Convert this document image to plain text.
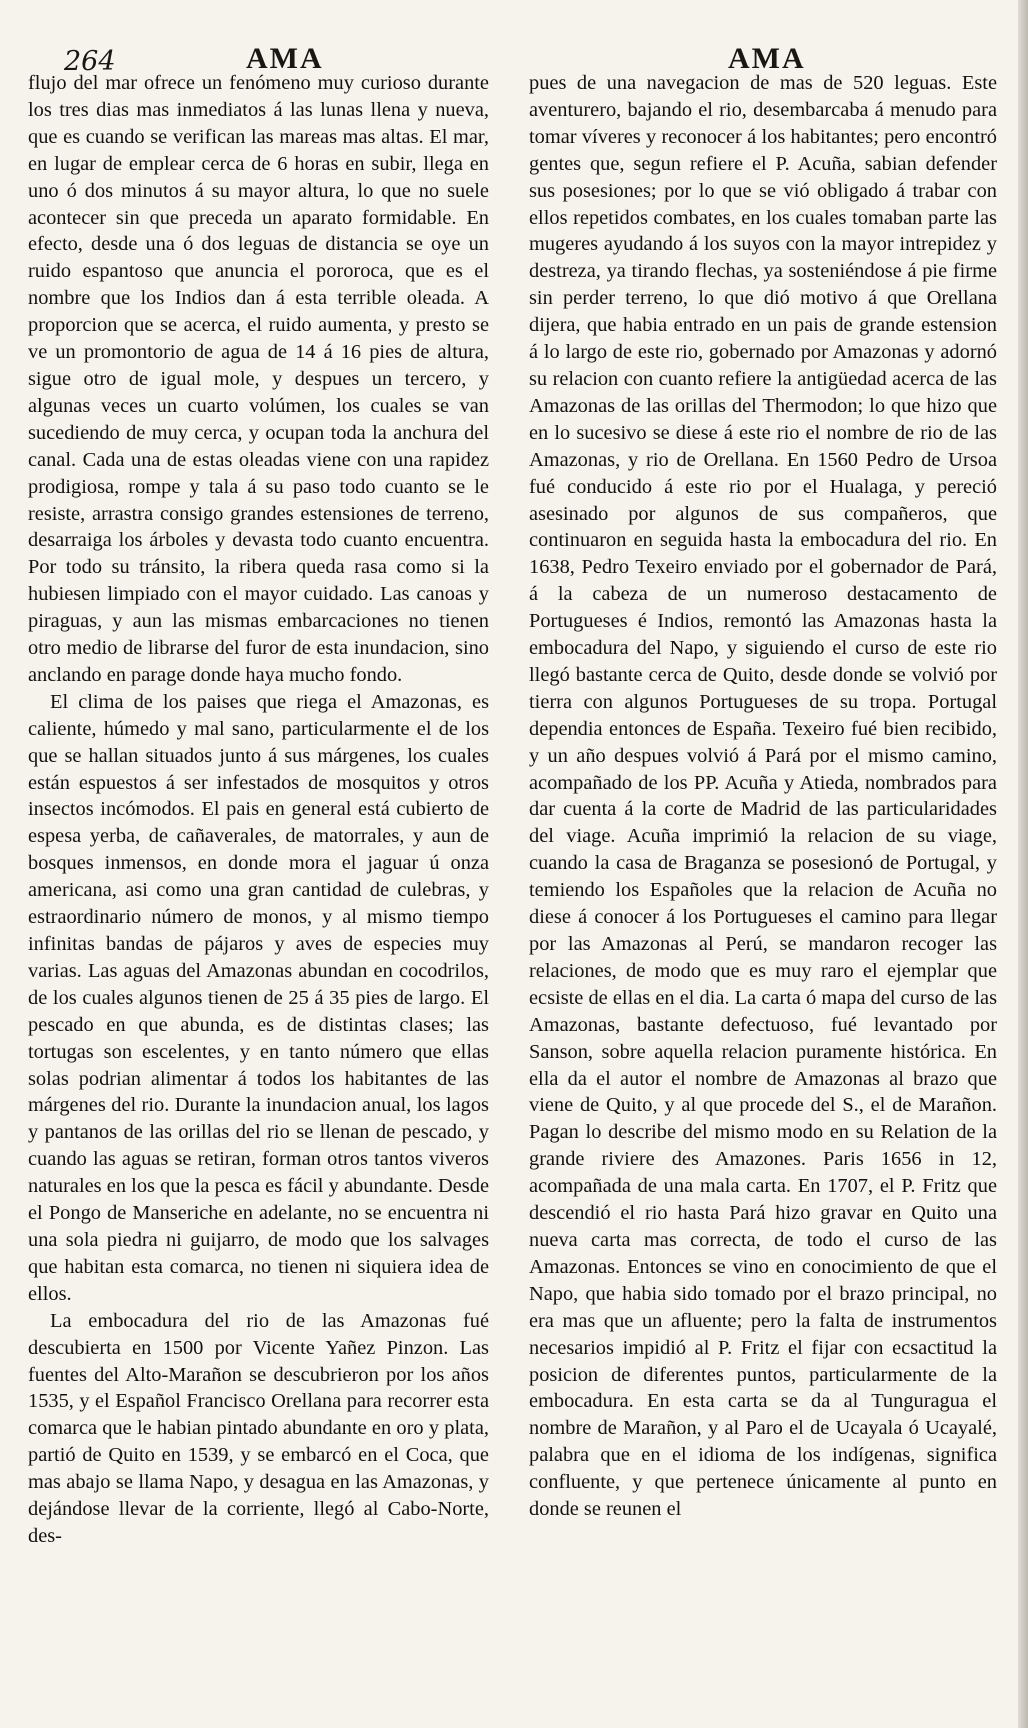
264	AMA	AMA

flujo del mar ofrece un fenómeno muy curioso durante los tres dias mas inmediatos á las lunas llena y nueva, que es cuando se verifican las mareas mas altas. El mar, en lugar de emplear cerca de 6 horas en subir, llega en uno ó dos minutos á su mayor altura, lo que no suele acontecer sin que preceda un aparato formidable. En efecto, desde una ó dos leguas de distancia se oye un ruido espantoso que anuncia el pororoca, que es el nombre que los Indios dan á esta terrible oleada. A proporcion que se acerca, el ruido aumenta, y presto se ve un promontorio de agua de 14 á 16 pies de altura, sigue otro de igual mole, y despues un tercero, y algunas veces un cuarto volúmen, los cuales se van sucediendo de muy cerca, y ocupan toda la anchura del canal. Cada una de estas oleadas viene con una rapidez prodigiosa, rompe y tala á su paso todo cuanto se le resiste, arrastra consigo grandes estensiones de terreno, desarraiga los árboles y devasta todo cuanto encuentra. Por todo su tránsito, la ribera queda rasa como si la hubiesen limpiado con el mayor cuidado. Las canoas y piraguas, y aun las mismas embarcaciones no tienen otro medio de librarse del furor de esta inundacion, sino anclando en parage donde haya mucho fondo.

El clima de los paises que riega el Amazonas, es caliente, húmedo y mal sano, particularmente el de los que se hallan situados junto á sus márgenes, los cuales están espuestos á ser infestados de mosquitos y otros insectos incómodos. El pais en general está cubierto de espesa yerba, de cañaverales, de matorrales, y aun de bosques inmensos, en donde mora el jaguar ú onza americana, asi como una gran cantidad de culebras, y estraordinario número de monos, y al mismo tiempo infinitas bandas de pájaros y aves de especies muy varias. Las aguas del Amazonas abundan en cocodrilos, de los cuales algunos tienen de 25 á 35 pies de largo. El pescado en que abunda, es de distintas clases; las tortugas son escelentes, y en tanto número que ellas solas podrian alimentar á todos los habitantes de las márgenes del rio. Durante la inundacion anual, los lagos y pantanos de las orillas del rio se llenan de pescado, y cuando las aguas se retiran, forman otros tantos viveros naturales en los que la pesca es fácil y abundante. Desde el Pongo de Manseriche en adelante, no se encuentra ni una sola piedra ni guijarro, de modo que los salvages que habitan esta comarca, no tienen ni siquiera idea de ellos.

La embocadura del rio de las Amazonas fué descubierta en 1500 por Vicente Yañez Pinzon. Las fuentes del Alto-Marañon se descubrieron por los años 1535, y el Español Francisco Orellana para recorrer esta comarca que le habian pintado abundante en oro y plata, partió de Quito en 1539, y se embarcó en el Coca, que mas abajo se llama Napo, y desagua en las Amazonas, y dejándose llevar de la corriente, llegó al Cabo-Norte, des-

pues de una navegacion de mas de 520 leguas. Este aventurero, bajando el rio, desembarcaba á menudo para tomar víveres y reconocer á los habitantes; pero encontró gentes que, segun refiere el P. Acuña, sabian defender sus posesiones; por lo que se vió obligado á trabar con ellos repetidos combates, en los cuales tomaban parte las mugeres ayudando á los suyos con la mayor intrepidez y destreza, ya tirando flechas, ya sosteniéndose á pie firme sin perder terreno, lo que dió motivo á que Orellana dijera, que habia entrado en un pais de grande estension á lo largo de este rio, gobernado por Amazonas y adornó su relacion con cuanto refiere la antigüedad acerca de las Amazonas de las orillas del Thermodon; lo que hizo que en lo sucesivo se diese á este rio el nombre de rio de las Amazonas, y rio de Orellana. En 1560 Pedro de Ursoa fué conducido á este rio por el Hualaga, y pereció asesinado por algunos de sus compañeros, que continuaron en seguida hasta la embocadura del rio. En 1638, Pedro Texeiro enviado por el gobernador de Pará, á la cabeza de un numeroso destacamento de Portugueses é Indios, remontó las Amazonas hasta la embocadura del Napo, y siguiendo el curso de este rio llegó bastante cerca de Quito, desde donde se volvió por tierra con algunos Portugueses de su tropa. Portugal dependia entonces de España. Texeiro fué bien recibido, y un año despues volvió á Pará por el mismo camino, acompañado de los PP. Acuña y Atieda, nombrados para dar cuenta á la corte de Madrid de las particularidades del viage. Acuña imprimió la relacion de su viage, cuando la casa de Braganza se posesionó de Portugal, y temiendo los Españoles que la relacion de Acuña no diese á conocer á los Portugueses el camino para llegar por las Amazonas al Perú, se mandaron recoger las relaciones, de modo que es muy raro el ejemplar que ecsiste de ellas en el dia. La carta ó mapa del curso de las Amazonas, bastante defectuoso, fué levantado por Sanson, sobre aquella relacion puramente histórica. En ella da el autor el nombre de Amazonas al brazo que viene de Quito, y al que procede del S., el de Marañon. Pagan lo describe del mismo modo en su Relation de la grande riviere des Amazones. Paris 1656 in 12, acompañada de una mala carta. En 1707, el P. Fritz que descendió el rio hasta Pará hizo gravar en Quito una nueva carta mas correcta, de todo el curso de las Amazonas. Entonces se vino en conocimiento de que el Napo, que habia sido tomado por el brazo principal, no era mas que un afluente; pero la falta de instrumentos necesarios impidió al P. Fritz el fijar con ecsactitud la posicion de diferentes puntos, particularmente de la embocadura. En esta carta se da al Tunguragua el nombre de Marañon, y al Paro el de Ucayala ó Ucayalé, palabra que en el idioma de los indígenas, significa confluente, y que pertenece únicamente al punto en donde se reunen el
